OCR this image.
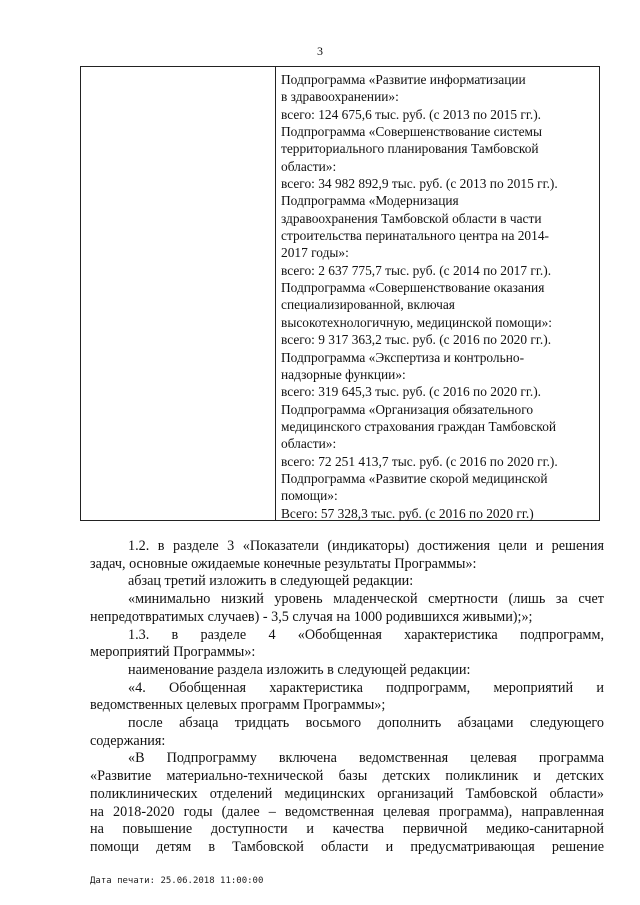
3
Подпрограмма «Развитие информатизации
в здравоохранении»:
всего: 124 675,6 тыс. руб. (с 2013 по 2015 гг.).
Подпрограмма «Совершенствование системы
территориального планирования Тамбовской
области»:
всего: 34 982 892,9 тыс. руб. (с 2013 по 2015 гг.).
Подпрограмма «Модернизация
здравоохранения Тамбовской области в части
строительства перинатального центра на 2014-
2017 годы»:
всего: 2 637 775,7 тыс. руб. (с 2014 по 2017 гг.).
Подпрограмма «Совершенствование оказания
специализированной, включая
высокотехнологичную, медицинской помощи»:
всего: 9 317 363,2 тыс. руб. (с 2016 по 2020 гг.).
Подпрограмма «Экспертиза и контрольно-
надзорные функции»:
всего: 319 645,3 тыс. руб. (с 2016 по 2020 гг.).
Подпрограмма «Организация обязательного
медицинского страхования граждан Тамбовской
области»:
всего: 72 251 413,7 тыс. руб. (с 2016 по 2020 гг.).
Подпрограмма «Развитие скорой медицинской
помощи»:
Всего: 57 328,3 тыс. руб. (с 2016 по 2020 гг.)

1.2. в разделе 3 «Показатели (индикаторы) достижения цели и решения

задач, основные ожидаемые конечные результаты Программы»:

абзац третий изложить в следующей редакции:

«минимально низкий уровень младенческой смертности (лишь за счет

непредотвратимых случаев) - 3,5 случая на 1000 родившихся живыми);»;

1.3. в разделе 4 «Обобщенная характеристика подпрограмм,

мероприятий Программы»:

наименование раздела изложить в следующей редакции:

«4. Обобщенная характеристика подпрограмм, мероприятий и

ведомственных целевых программ Программы»;

после абзаца тридцать восьмого дополнить абзацами следующего

содержания:

«В Подпрограмму включена ведомственная целевая программа

«Развитие материально-технической базы детских поликлиник и детских

поликлинических отделений медицинских организаций Тамбовской области»

на 2018-2020 годы (далее – ведомственная целевая программа), направленная

на повышение доступности и качества первичной медико-санитарной

помощи детям в Тамбовской области и предусматривающая решение

Дата печати: 25.06.2018 11:00:00
